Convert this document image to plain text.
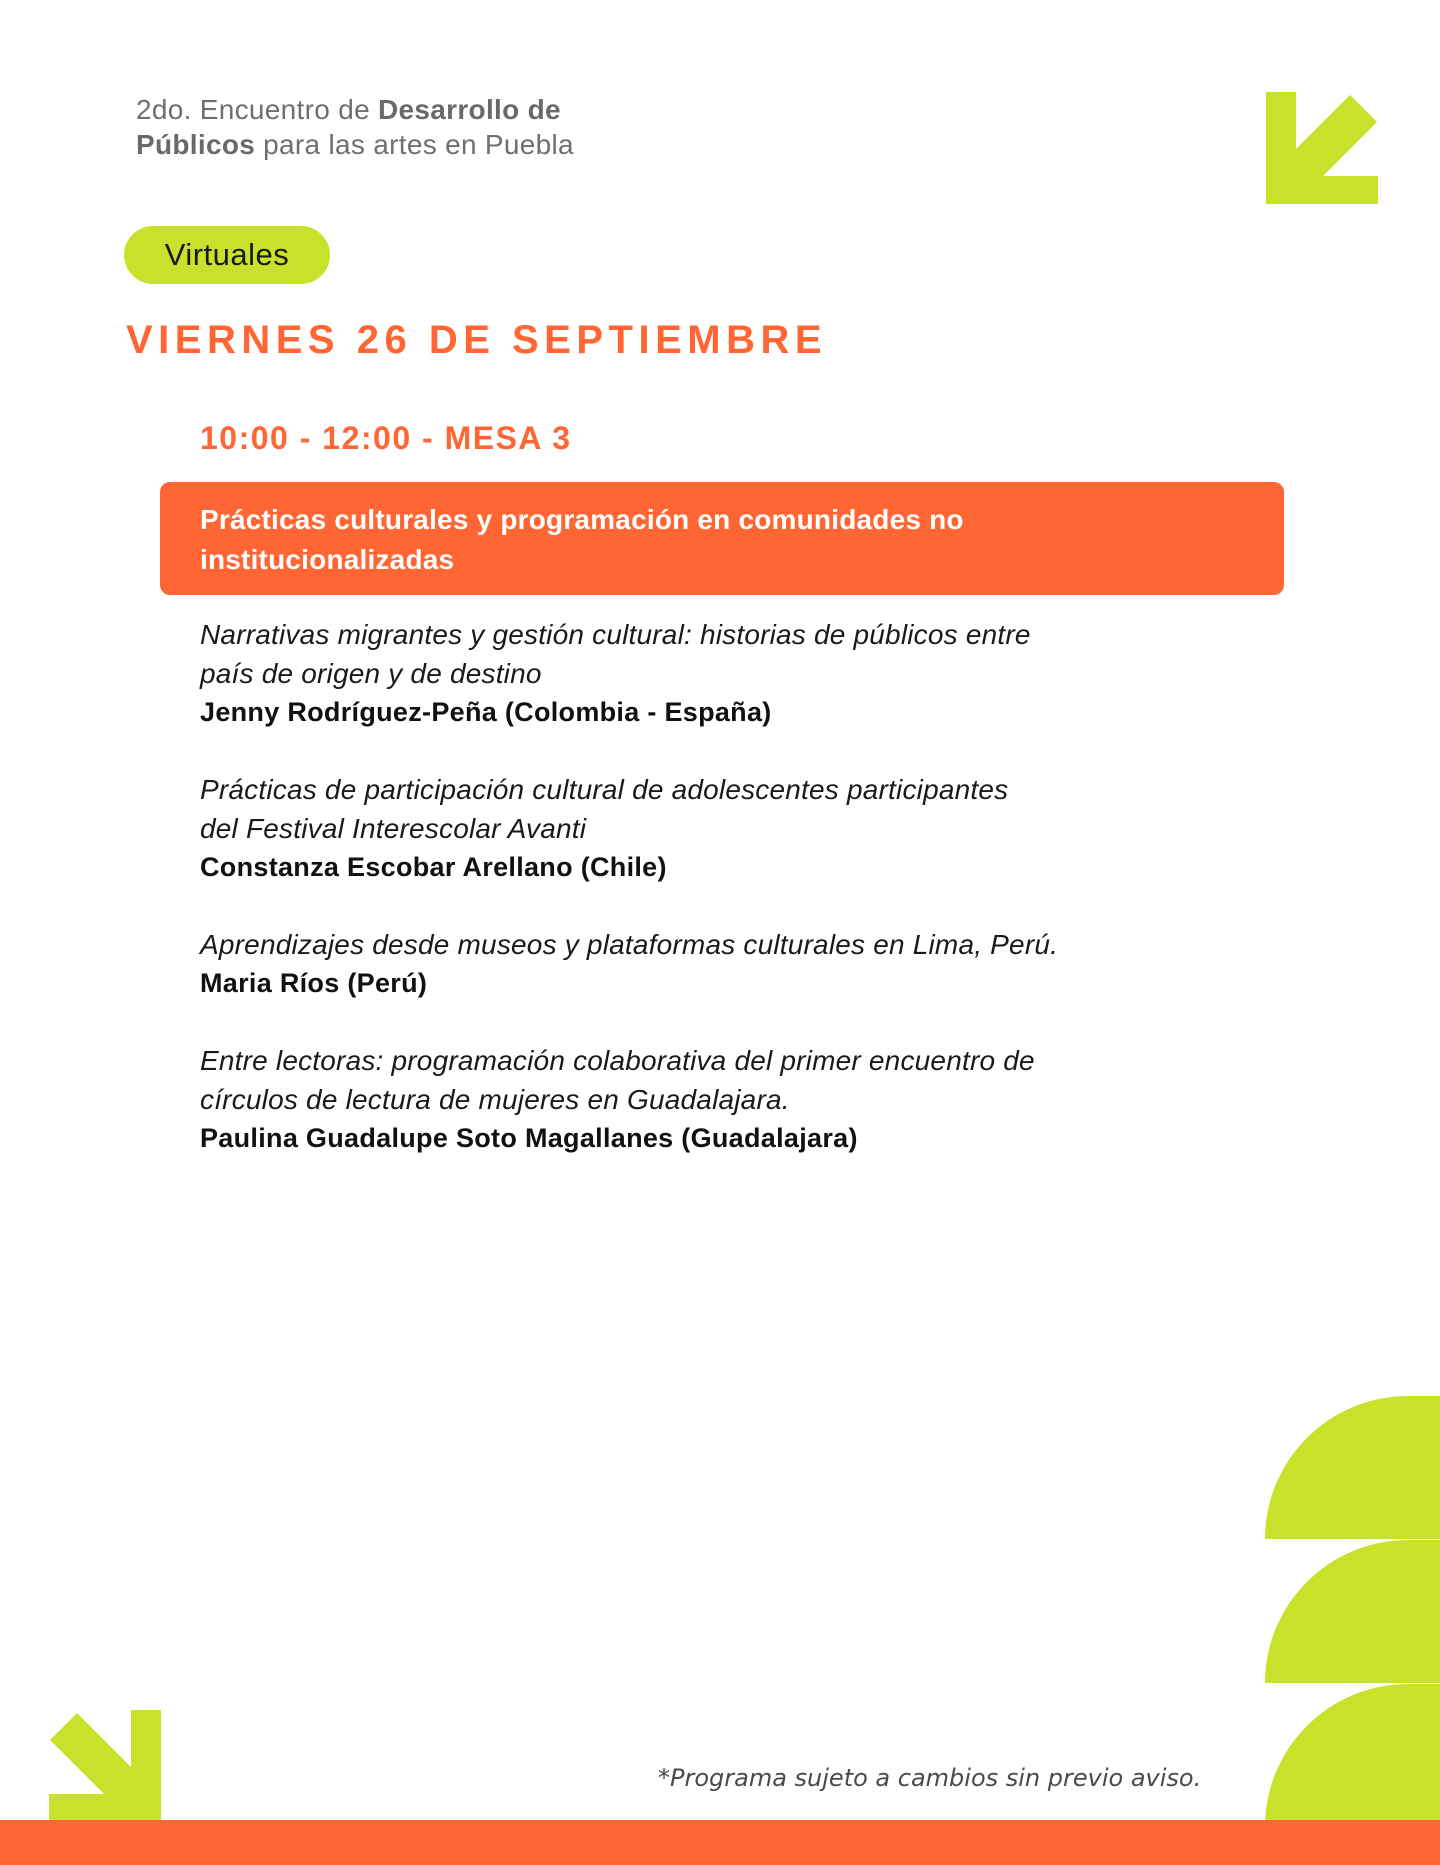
2do. Encuentro de Desarrollo de
Públicos para las artes en Puebla
Virtuales
VIERNES 26 DE SEPTIEMBRE
10:00 - 12:00 - MESA 3
Prácticas culturales y programación en comunidades no institucionalizadas
Narrativas migrantes y gestión cultural: historias de públicos entre
país de origen y de destino
Jenny Rodríguez-Peña (Colombia - España)
Prácticas de participación cultural de adolescentes participantes
del Festival Interescolar Avanti
Constanza Escobar Arellano (Chile)
Aprendizajes desde museos y plataformas culturales en Lima, Perú.
Maria Ríos (Perú)
Entre lectoras: programación colaborativa del primer encuentro de
círculos de lectura de mujeres en Guadalajara.
Paulina Guadalupe Soto Magallanes (Guadalajara)
*Programa sujeto a cambios sin previo aviso.
